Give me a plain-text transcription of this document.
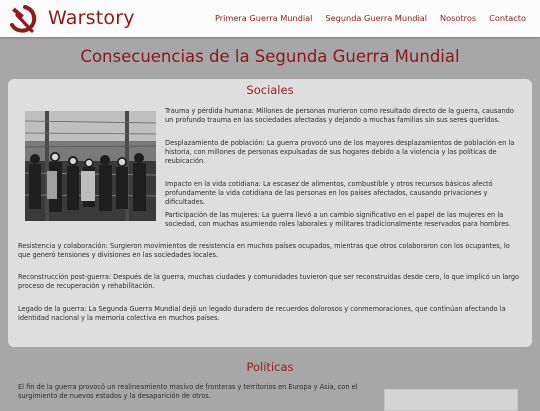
Warstory	Primera Guerra Mundial Segunda Guerra Mundial Nosotros Contacto
Consecuencias de la Segunda Guerra Mundial
Sociales

Trauma y pérdida humana: Millones de personas murieron como resultado directo de la guerra, causando un profundo trauma en las sociedades afectadas y dejando a muchas familias sin sus seres queridos.

Desplazamiento de población: La guerra provocó uno de los mayores desplazamientos de población en la historia, con millones de personas expulsadas de sus hogares debido a la violencia y las políticas de reubicación.

Impacto en la vida cotidiana: La escasez de alimentos, combustible y otros recursos básicos afectó profundamente la vida cotidiana de las personas en los países afectados, causando privaciones y dificultades.

Participación de las mujeres: La guerra llevó a un cambio significativo en el papel de las mujeres en la sociedad, con muchas asumiendo roles laborales y militares tradicionalmente reservados para hombres.

Resistencia y colaboración: Surgieron movimientos de resistencia en muchos países ocupados, mientras que otros colaboraron con los ocupantes, lo que generó tensiones y divisiones en las sociedades locales.

Reconstrucción post-guerra: Después de la guerra, muchas ciudades y comunidades tuvieron que ser reconstruidas desde cero, lo que implicó un largo proceso de recuperación y rehabilitación.

Legado de la guerra: La Segunda Guerra Mundial dejó un legado duradero de recuerdos dolorosos y conmemoraciones, que continúan afectando la identidad nacional y la memoria colectiva en muchos países.

Políticas

El fin de la guerra provocó un realineamiento masivo de fronteras y territorios en Europa y Asia, con el surgimiento de nuevos estados y la desaparición de otros.
